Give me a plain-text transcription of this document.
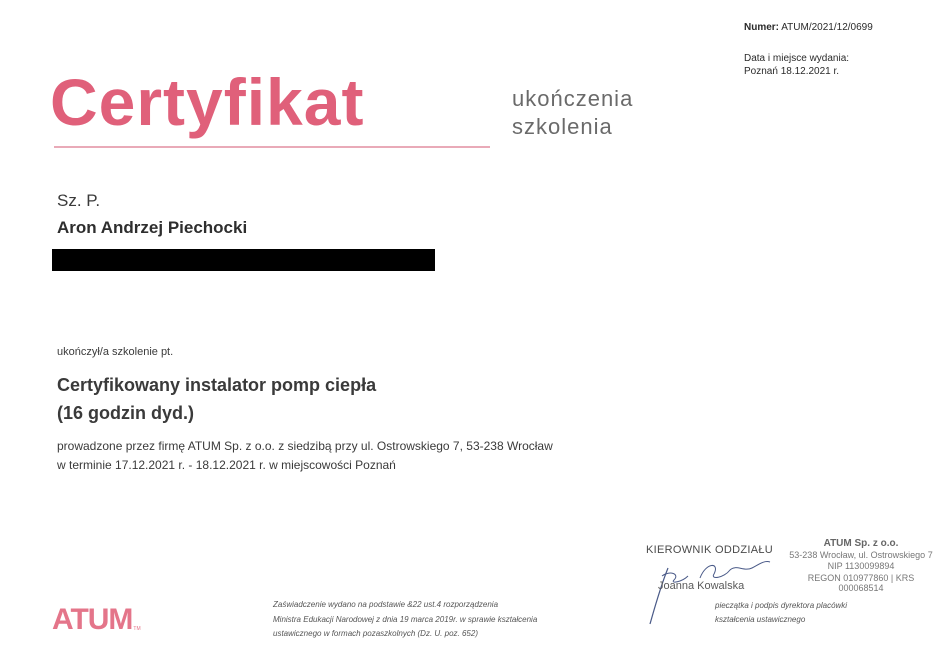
Numer: ATUM/2021/12/0699
Data i miejsce wydania:
Poznań 18.12.2021 r.
Certyfikat	ukończenia
szkolenia
Sz. P.
Aron Andrzej Piechocki
ukończył/a szkolenie pt.
Certyfikowany instalator pomp ciepła
(16 godzin dyd.)
prowadzone przez firmę ATUM Sp. z o.o. z siedzibą przy ul. Ostrowskiego 7, 53-238 Wrocław
w terminie 17.12.2021 r. - 18.12.2021 r. w miejscowości Poznań
ATUM TM
Zaświadczenie wydano na podstawie &22 ust.4 rozporządzenia
Ministra Edukacji Narodowej z dnia 19 marca 2019r. w sprawie kształcenia
ustawicznego w formach pozaszkolnych (Dz. U. poz. 652)
KIEROWNIK ODDZIAŁU
Joanna Kowalska
ATUM Sp. z o.o.
53-238 Wrocław, ul. Ostrowskiego 7
NIP 1130099894
REGON 010977860 | KRS 000068514
pieczątka i podpis dyrektora placówki
kształcenia ustawicznego
